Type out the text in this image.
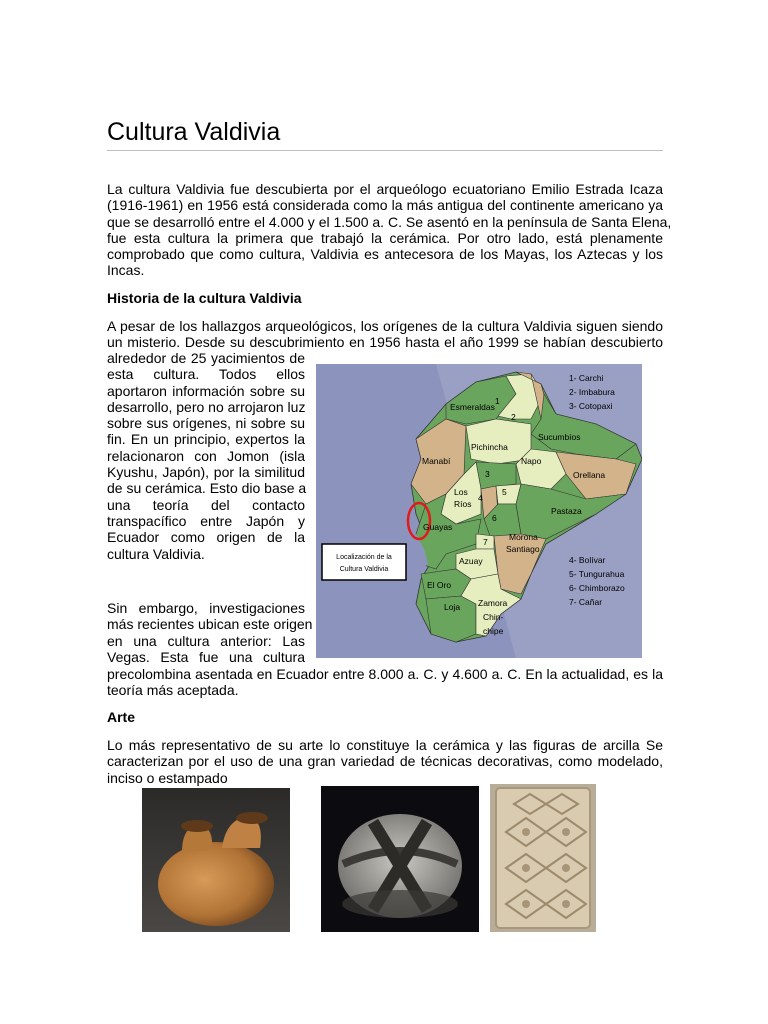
Cultura Valdivia
La cultura Valdivia fue descubierta por el arqueólogo ecuatoriano Emilio Estrada Icaza
(1916-1961) en 1956 está considerada como la más antigua del continente americano ya
que se desarrolló entre el 4.000 y el 1.500 a. C. Se asentó en la península de Santa Elena,
fue esta cultura la primera que trabajó la cerámica. Por otro lado, está plenamente
comprobado que como cultura, Valdivia es antecesora de los Mayas, los Aztecas y los
Incas.
Historia de la cultura Valdivia
A pesar de los hallazgos arqueológicos, los orígenes de la cultura Valdivia siguen siendo
un misterio. Desde su descubrimiento en 1956 hasta el año 1999 se habían descubierto
alrededor de 25 yacimientos de
esta cultura. Todos ellos
aportaron información sobre su
desarrollo, pero no arrojaron luz
sobre sus orígenes, ni sobre su
fin. En un principio, expertos la
relacionaron con Jomon (isla
Kyushu, Japón), por la similitud
de su cerámica. Esto dio base a
una teoría del contacto
transpacífico entre Japón y
Ecuador como origen de la
cultura Valdivia.
Sin embargo, investigaciones
más recientes ubican este origen
en una cultura anterior: Las
Vegas. Esta fue una cultura
precolombina asentada en Ecuador entre 8.000 a. C. y 4.600 a. C. En la actualidad, es la
teoría más aceptada.
Localización de la
Cultura Valdivia
Esmeraldas
Manabí
Pichincha
Sucumbíos
Napo
Orellana
Los
Ríos
Guayas
Pastaza
Morona
Santiago
Azuay
El Oro
Loja Zamora
Chin-
chipe
1
2
3
4
5
6
7
1- Carchi
2- Imbabura
3- Cotopaxi
4- Bolívar
5- Tungurahua
6- Chimborazo
7- Cañar
Arte
Lo más representativo de su arte lo constituye la cerámica y las figuras de arcilla Se
caracterizan por el uso de una gran variedad de técnicas decorativas, como modelado,
inciso o estampado
